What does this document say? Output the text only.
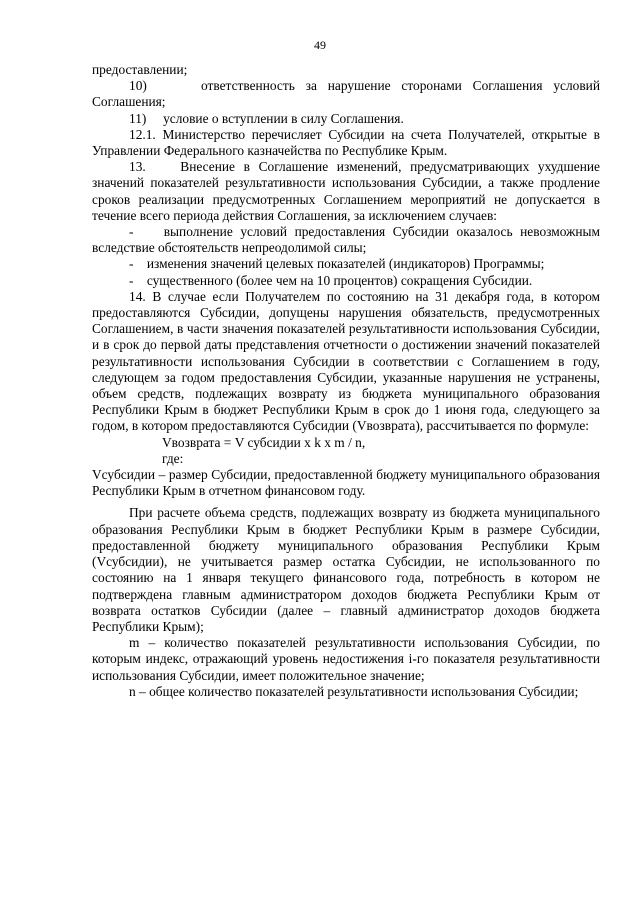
49

предоставлении;

10)     ответственность за нарушение сторонами Соглашения условий Соглашения;

11)     условие о вступлении в силу Соглашения.

12.1. Министерство перечисляет Субсидии на счета Получателей, открытые в Управлении Федерального казначейства по Республике Крым.

13.    Внесение в Соглашение изменений, предусматривающих ухудшение значений показателей результативности использования Субсидии, а также продление сроков реализации предусмотренных Соглашением мероприятий не допускается в течение всего периода действия Соглашения, за исключением случаев:

-    выполнение условий предоставления Субсидии оказалось невозможным вследствие обстоятельств непреодолимой силы;

-    изменения значений целевых показателей (индикаторов) Программы;

-    существенного (более чем на 10 процентов) сокращения Субсидии.

14. В случае если Получателем по состоянию на 31 декабря года, в котором предоставляются Субсидии, допущены нарушения обязательств, предусмотренных Соглашением, в части значения показателей результативности использования Субсидии, и в срок до первой даты представления отчетности о достижении значений показателей результативности использования Субсидии в соответствии с Соглашением в году, следующем за годом предоставления Субсидии, указанные нарушения не устранены, объем средств, подлежащих возврату из бюджета муниципального образования Республики Крым в бюджет Республики Крым в срок до 1 июня года, следующего за годом, в котором предоставляются Субсидии (Vвозврата), рассчитывается по формуле:

Vвозврата = V субсидии x k x m / n,

где:

Vсубсидии – размер Субсидии, предоставленной бюджету муниципального образования Республики Крым в отчетном финансовом году.

При расчете объема средств, подлежащих возврату из бюджета муниципального образования Республики Крым в бюджет Республики Крым в размере Субсидии, предоставленной бюджету муниципального образования Республики Крым (Vсубсидии), не учитывается размер остатка Субсидии, не использованного по состоянию на 1 января текущего финансового года, потребность в котором не подтверждена главным администратором доходов бюджета Республики Крым от возврата остатков Субсидии (далее – главный администратор доходов бюджета Республики Крым);

m – количество показателей результативности использования Субсидии, по которым индекс, отражающий уровень недостижения i-го показателя результативности использования Субсидии, имеет положительное значение;

n – общее количество показателей результативности использования Субсидии;
